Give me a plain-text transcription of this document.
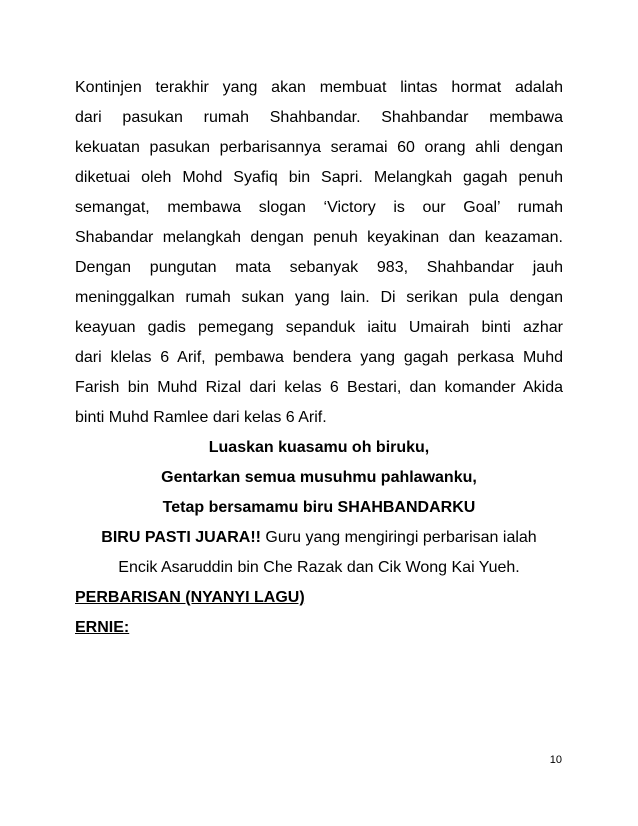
Kontinjen terakhir yang akan membuat lintas hormat adalah
dari pasukan rumah Shahbandar. Shahbandar membawa
kekuatan pasukan perbarisannya seramai 60 orang ahli dengan
diketuai oleh Mohd Syafiq bin Sapri. Melangkah gagah penuh
semangat, membawa slogan ‘Victory is our Goal’ rumah
Shabandar melangkah dengan penuh keyakinan dan keazaman.
Dengan pungutan mata sebanyak 983, Shahbandar jauh
meninggalkan rumah sukan yang lain. Di serikan pula dengan
keayuan gadis pemegang sepanduk iaitu Umairah binti azhar
dari klelas 6 Arif, pembawa bendera yang gagah perkasa Muhd
Farish bin Muhd Rizal dari kelas 6 Bestari, dan komander Akida
binti Muhd Ramlee dari kelas 6 Arif.
Luaskan kuasamu oh biruku,
Gentarkan semua musuhmu pahlawanku,
Tetap bersamamu biru SHAHBANDARKU
BIRU PASTI JUARA!! Guru yang mengiringi perbarisan ialah
Encik Asaruddin bin Che Razak dan Cik Wong Kai Yueh.
PERBARISAN (NYANYI LAGU)
ERNIE:
10
